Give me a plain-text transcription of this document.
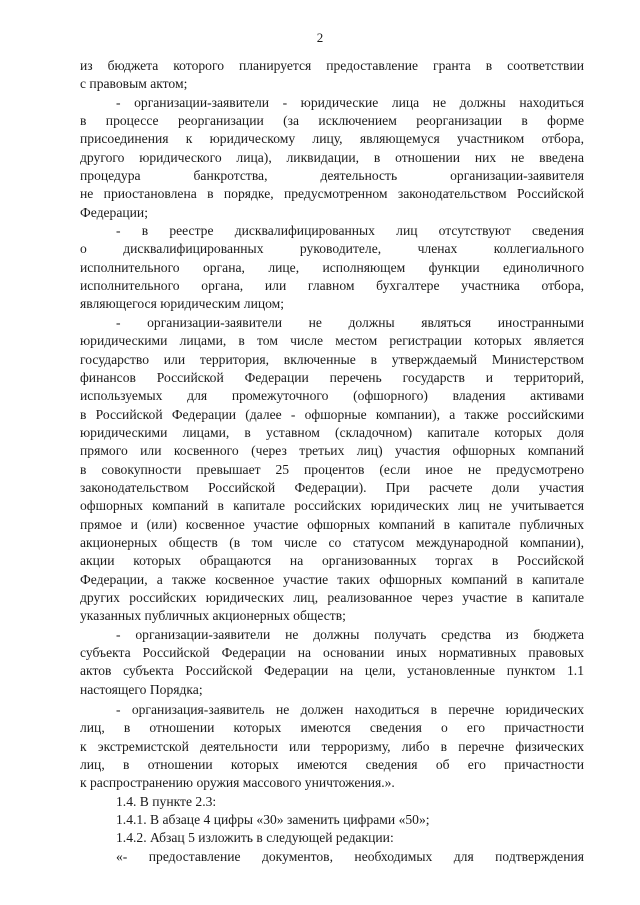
2
из бюджета которого планируется предоставление гранта в соответствии
с правовым актом;
- организации-заявители - юридические лица не должны находиться
в процессе реорганизации (за исключением реорганизации в форме
присоединения к юридическому лицу, являющемуся участником отбора,
другого юридического лица), ликвидации, в отношении них не введена
процедура банкротства, деятельность организации-заявителя
не приостановлена в порядке, предусмотренном законодательством Российской
Федерации;
- в реестре дисквалифицированных лиц отсутствуют сведения
о дисквалифицированных руководителе, членах коллегиального
исполнительного органа, лице, исполняющем функции единоличного
исполнительного органа, или главном бухгалтере участника отбора,
являющегося юридическим лицом;
- организации-заявители не должны являться иностранными
юридическими лицами, в том числе местом регистрации которых является
государство или территория, включенные в утверждаемый Министерством
финансов Российской Федерации перечень государств и территорий,
используемых для промежуточного (офшорного) владения активами
в Российской Федерации (далее - офшорные компании), а также российскими
юридическими лицами, в уставном (складочном) капитале которых доля
прямого или косвенного (через третьих лиц) участия офшорных компаний
в совокупности превышает 25 процентов (если иное не предусмотрено
законодательством Российской Федерации). При расчете доли участия
офшорных компаний в капитале российских юридических лиц не учитывается
прямое и (или) косвенное участие офшорных компаний в капитале публичных
акционерных обществ (в том числе со статусом международной компании),
акции которых обращаются на организованных торгах в Российской
Федерации, а также косвенное участие таких офшорных компаний в капитале
других российских юридических лиц, реализованное через участие в капитале
указанных публичных акционерных обществ;
- организации-заявители не должны получать средства из бюджета
субъекта Российской Федерации на основании иных нормативных правовых
актов субъекта Российской Федерации на цели, установленные пунктом 1.1
настоящего Порядка;
- организация-заявитель не должен находиться в перечне юридических
лиц, в отношении которых имеются сведения о его причастности
к экстремистской деятельности или терроризму, либо в перечне физических
лиц, в отношении которых имеются сведения об его причастности
к распространению оружия массового уничтожения.».
1.4. В пункте 2.3:
1.4.1. В абзаце 4 цифры «30» заменить цифрами «50»;
1.4.2. Абзац 5 изложить в следующей редакции:
«- предоставление документов, необходимых для подтверждения
